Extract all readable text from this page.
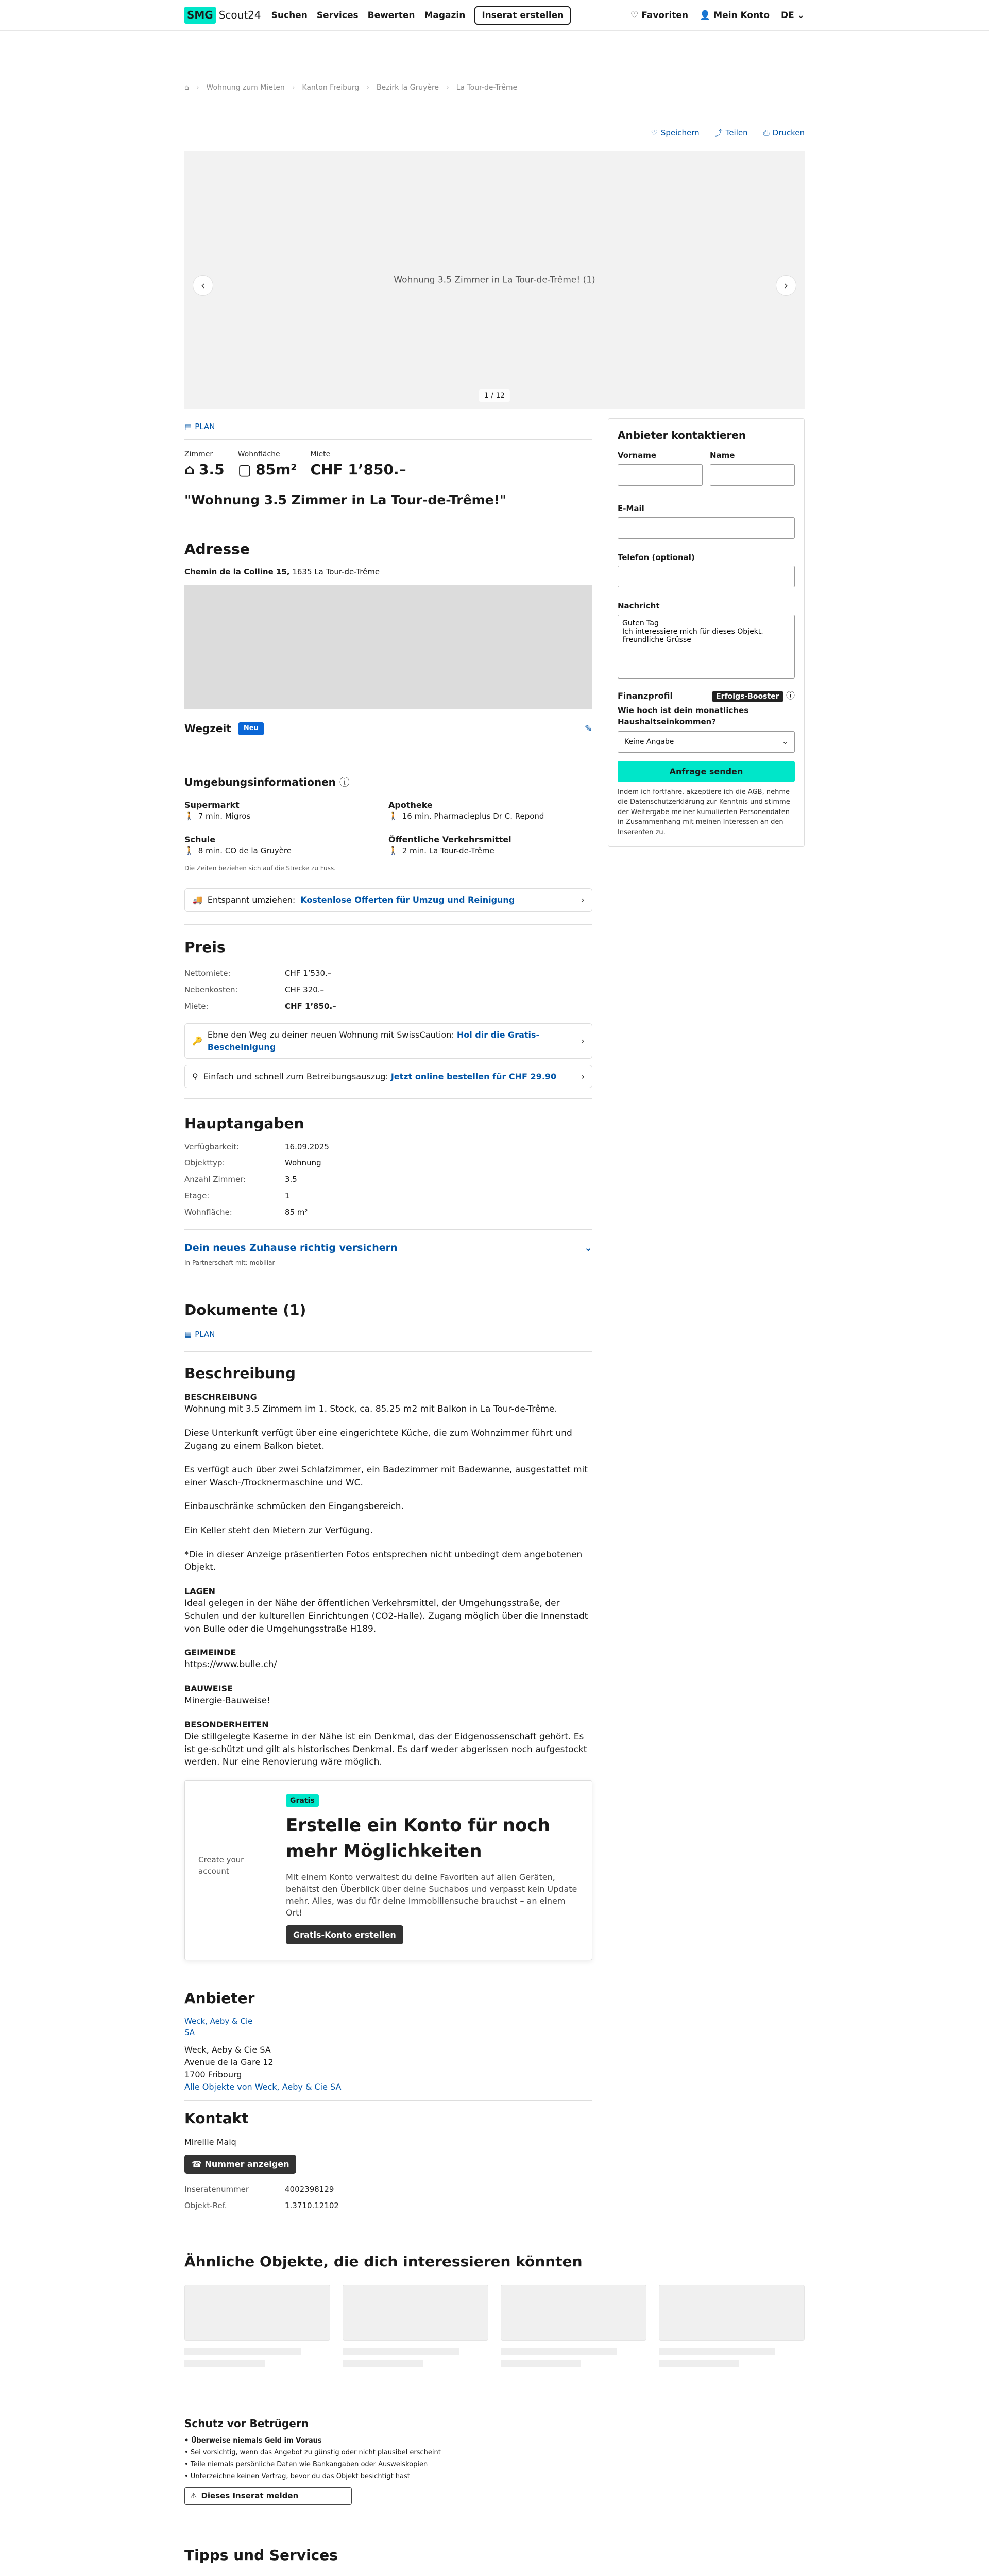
SMG Scout24 Suchen Services Bewerten Magazin	Inserat erstellen	♡ Favoriten 👤 Mein Konto DE ⌄
⌂ › Wohnung zum Mieten › Kanton Freiburg › Bezirk la Gruyère › La Tour-de-Trême
♡ Speichern ⤴ Teilen ⎙ Drucken
Wohnung 3.5 Zimmer in La Tour-de-Trême! (1)
‹	›
1 / 12
▤ PLAN
Zimmer
⌂ 3.5
Wohnfläche
▢ 85m²
Miete
CHF 1’850.–
"Wohnung 3.5 Zimmer in La Tour-de-Trême!"
Adresse
Chemin de la Colline 15, 1635 La Tour-de-Trême
Wegzeit	Neu	✎
Umgebungsinformationen ⓘ
Supermarkt
🚶 7 min. Migros
Apotheke
🚶 16 min. Pharmacieplus Dr C. Repond
Schule
🚶 8 min. CO de la Gruyère
Öffentliche Verkehrsmittel
🚶 2 min. La Tour-de-Trême
Die Zeiten beziehen sich auf die Strecke zu Fuss.
🚚 Entspannt umziehen: Kostenlose Offerten für Umzug und Reinigung	›
Preis
Nettomiete:	CHF 1’530.–
Nebenkosten:	CHF 320.–
Miete:	CHF 1’850.–
🔑
Ebne den Weg zu deiner neuen Wohnung mit SwissCaution: Hol dir die Gratis-Bescheinigung
›
⚲ Einfach und schnell zum Betreibungsauszug: Jetzt online bestellen für CHF 29.90	›
Hauptangaben
Verfügbarkeit:	16.09.2025
Objekttyp:	Wohnung
Anzahl Zimmer:	3.5
Etage:	1
Wohnfläche:	85 m²
Dein neues Zuhause richtig versichern	⌄
In Partnerschaft mit: mobiliar
Dokumente (1)
▤ PLAN
Beschreibung

BESCHREIBUNG
Wohnung mit 3.5 Zimmern im 1. Stock, ca. 85.25 m2 mit Balkon in La Tour-de-Trême.

Diese Unterkunft verfügt über eine eingerichtete Küche, die zum Wohnzimmer führt und Zugang zu einem Balkon bietet.

Es verfügt auch über zwei Schlafzimmer, ein Badezimmer mit Badewanne, ausgestattet mit einer Wasch-/Trocknermaschine und WC.

Einbauschränke schmücken den Eingangsbereich.

Ein Keller steht den Mietern zur Verfügung.

*Die in dieser Anzeige präsentierten Fotos entsprechen nicht unbedingt dem angebotenen Objekt.

LAGEN
Ideal gelegen in der Nähe der öffentlichen Verkehrsmittel, der Umgehungsstraße, der Schulen und der kulturellen Einrichtungen (CO2-Halle). Zugang möglich über die Innenstadt von Bulle oder die Umgehungsstraße H189.

GEIMEINDE
https://www.bulle.ch/

BAUWEISE
Minergie-Bauweise!

BESONDERHEITEN
Die stillgelegte Kaserne in der Nähe ist ein Denkmal, das der Eidgenossenschaft gehört. Es ist ge-schützt und gilt als historisches Denkmal. Es darf weder abgerissen noch aufgestockt werden. Nur eine Renovierung wäre möglich.

Create your account
Gratis
Erstelle ein Konto für noch mehr Möglichkeiten

Mit einem Konto verwaltest du deine Favoriten auf allen Geräten, behältst den Überblick über deine Suchabos und verpasst kein Update mehr. Alles, was du für deine Immobiliensuche brauchst – an einem Ort!

Gratis-Konto erstellen
Anbieter
Weck, Aeby & Cie SA
Weck, Aeby & Cie SA
Avenue de la Gare 12
1700 Fribourg
Alle Objekte von Weck, Aeby & Cie SA
Kontakt
Mireille Maiq
☎ Nummer anzeigen
Inseratenummer	4002398129
Objekt-Ref.	1.3710.12102
Anbieter kontaktieren
Vorname	Name
E-Mail
Telefon (optional)
Nachricht
Guten Tag Ich interessiere mich für dieses Objekt. Freundliche Grüsse
Finanzprofil	Erfolgs-Booster ⓘ
Wie hoch ist dein monatliches Haushaltseinkommen?
Keine Angabe	⌄
Anfrage senden
Indem ich fortfahre, akzeptiere ich die AGB, nehme die Datenschutzerklärung zur Kenntnis und stimme der Weitergabe meiner kumulierten Personendaten in Zusammenhang mit meinen Interessen an den Inserenten zu.
Ähnliche Objekte, die dich interessieren könnten
Schutz vor Betrügern
• Überweise niemals Geld im Voraus
• Sei vorsichtig, wenn das Angebot zu günstig oder nicht plausibel erscheint
• Teile niemals persönliche Daten wie Bankangaben oder Ausweiskopien
• Unterzeichne keinen Vertrag, bevor du das Objekt besichtigt hast
⚠ Dieses Inserat melden
Tipps und Services
